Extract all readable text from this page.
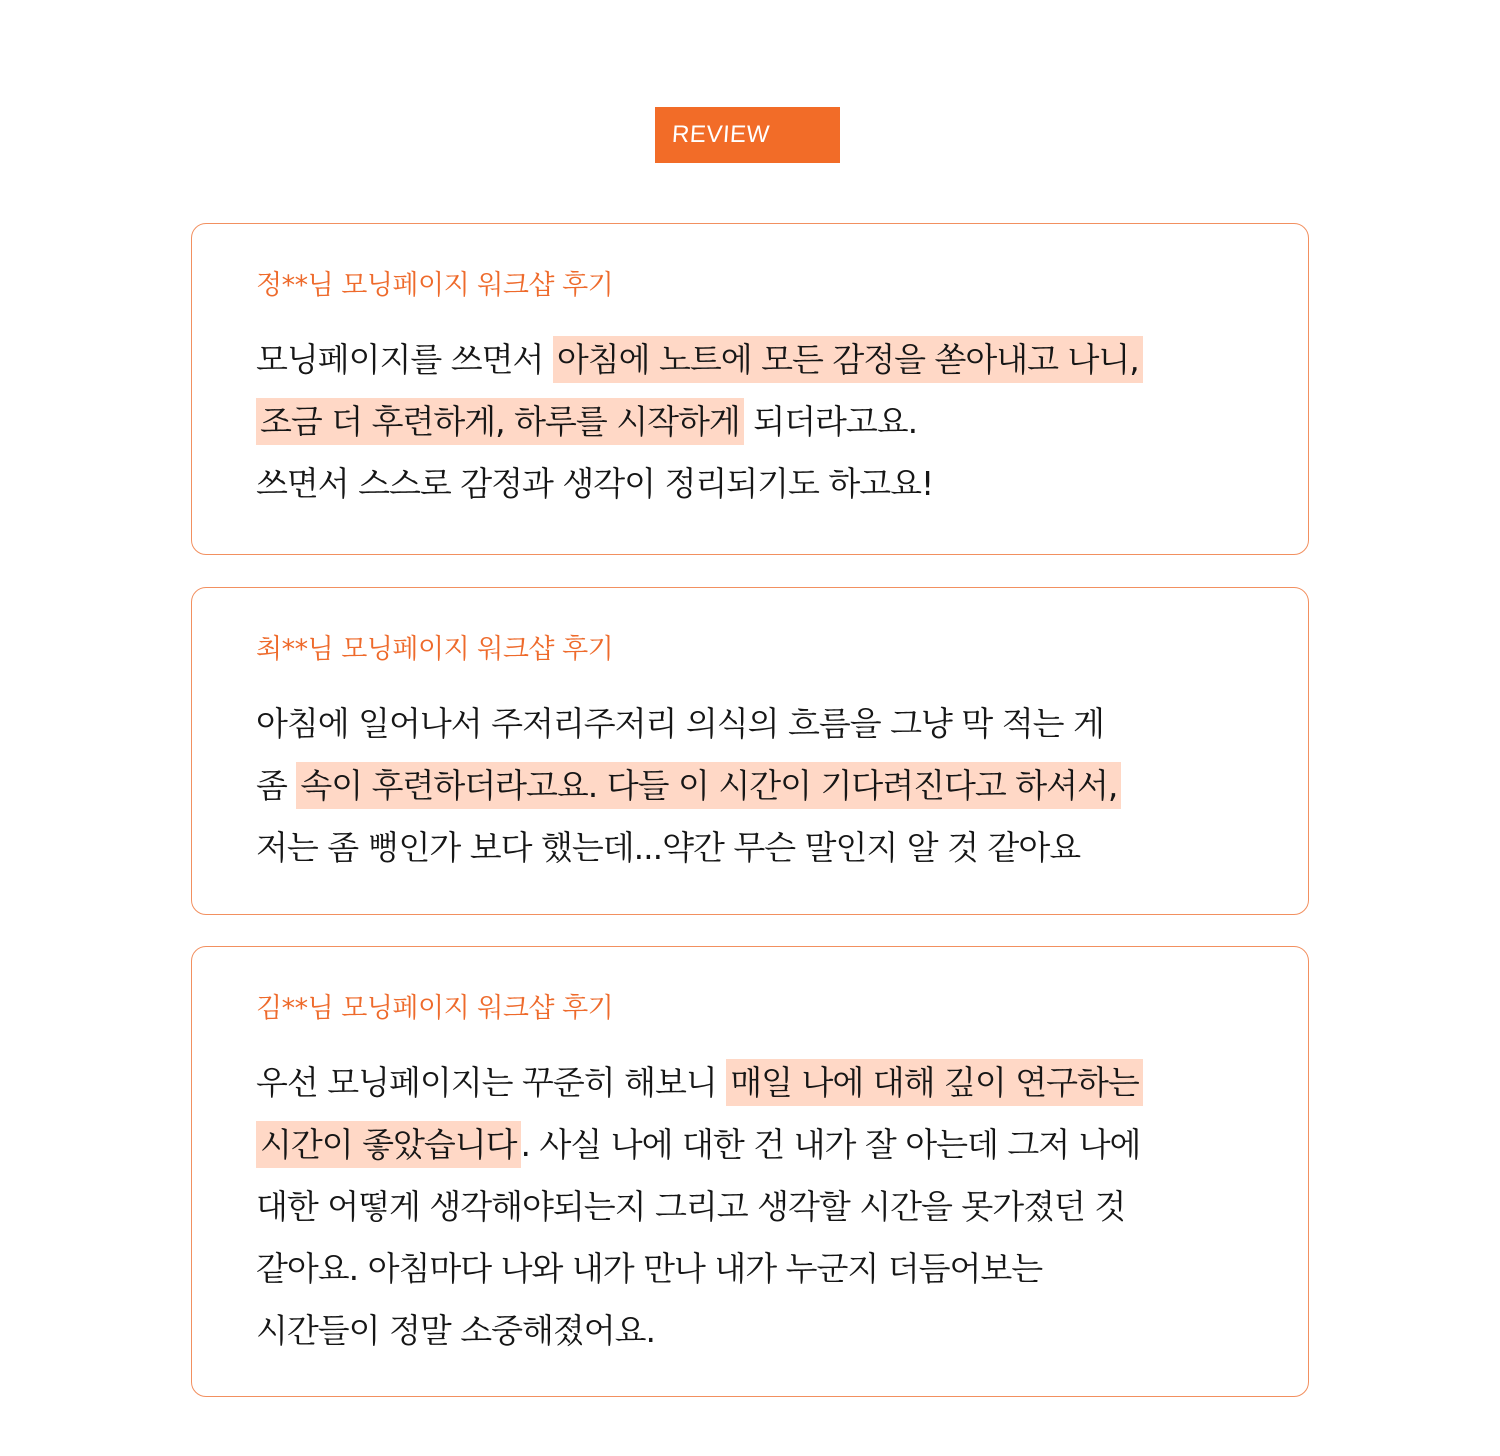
REVIEW
정**님 모닝페이지 워크샵 후기
모닝페이지를 쓰면서 아침에 노트에 모든 감정을 쏟아내고 나니,
조금 더 후련하게, 하루를 시작하게 되더라고요.
쓰면서 스스로 감정과 생각이 정리되기도 하고요!
최**님 모닝페이지 워크샵 후기
아침에 일어나서 주저리주저리 의식의 흐름을 그냥 막 적는 게
좀 속이 후련하더라고요. 다들 이 시간이 기다려진다고 하셔서,
저는 좀 뻥인가 보다 했는데...약간 무슨 말인지 알 것 같아요
김**님 모닝페이지 워크샵 후기
우선 모닝페이지는 꾸준히 해보니 매일 나에 대해 깊이 연구하는
시간이 좋았습니다 . 사실 나에 대한 건 내가 잘 아는데 그저 나에
대한 어떻게 생각해야되는지 그리고 생각할 시간을 못가졌던 것
같아요. 아침마다 나와 내가 만나 내가 누군지 더듬어보는
시간들이 정말 소중해졌어요.
